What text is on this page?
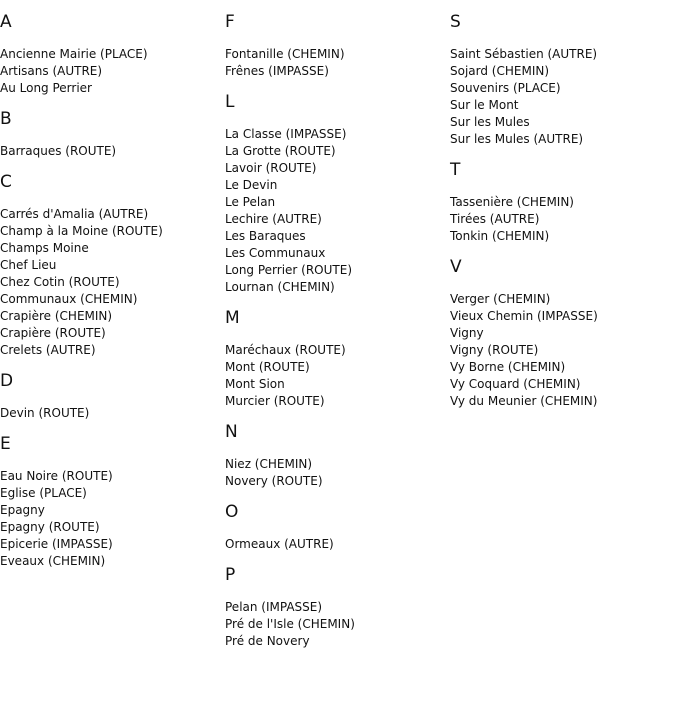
A
Ancienne Mairie (PLACE)
Artisans (AUTRE)
Au Long Perrier
B
Barraques (ROUTE)
C
Carrés d'Amalia (AUTRE)
Champ à la Moine (ROUTE)
Champs Moine
Chef Lieu
Chez Cotin (ROUTE)
Communaux (CHEMIN)
Crapière (CHEMIN)
Crapière (ROUTE)
Crelets (AUTRE)
D
Devin (ROUTE)
E
Eau Noire (ROUTE)
Eglise (PLACE)
Epagny
Epagny (ROUTE)
Epicerie (IMPASSE)
Eveaux (CHEMIN)
F
Fontanille (CHEMIN)
Frênes (IMPASSE)
L
La Classe (IMPASSE)
La Grotte (ROUTE)
Lavoir (ROUTE)
Le Devin
Le Pelan
Lechire (AUTRE)
Les Baraques
Les Communaux
Long Perrier (ROUTE)
Lournan (CHEMIN)
M
Maréchaux (ROUTE)
Mont (ROUTE)
Mont Sion
Murcier (ROUTE)
N
Niez (CHEMIN)
Novery (ROUTE)
O
Ormeaux (AUTRE)
P
Pelan (IMPASSE)
Pré de l'Isle (CHEMIN)
Pré de Novery
S
Saint Sébastien (AUTRE)
Sojard (CHEMIN)
Souvenirs (PLACE)
Sur le Mont
Sur les Mules
Sur les Mules (AUTRE)
T
Tassenière (CHEMIN)
Tirées (AUTRE)
Tonkin (CHEMIN)
V
Verger (CHEMIN)
Vieux Chemin (IMPASSE)
Vigny
Vigny (ROUTE)
Vy Borne (CHEMIN)
Vy Coquard (CHEMIN)
Vy du Meunier (CHEMIN)
